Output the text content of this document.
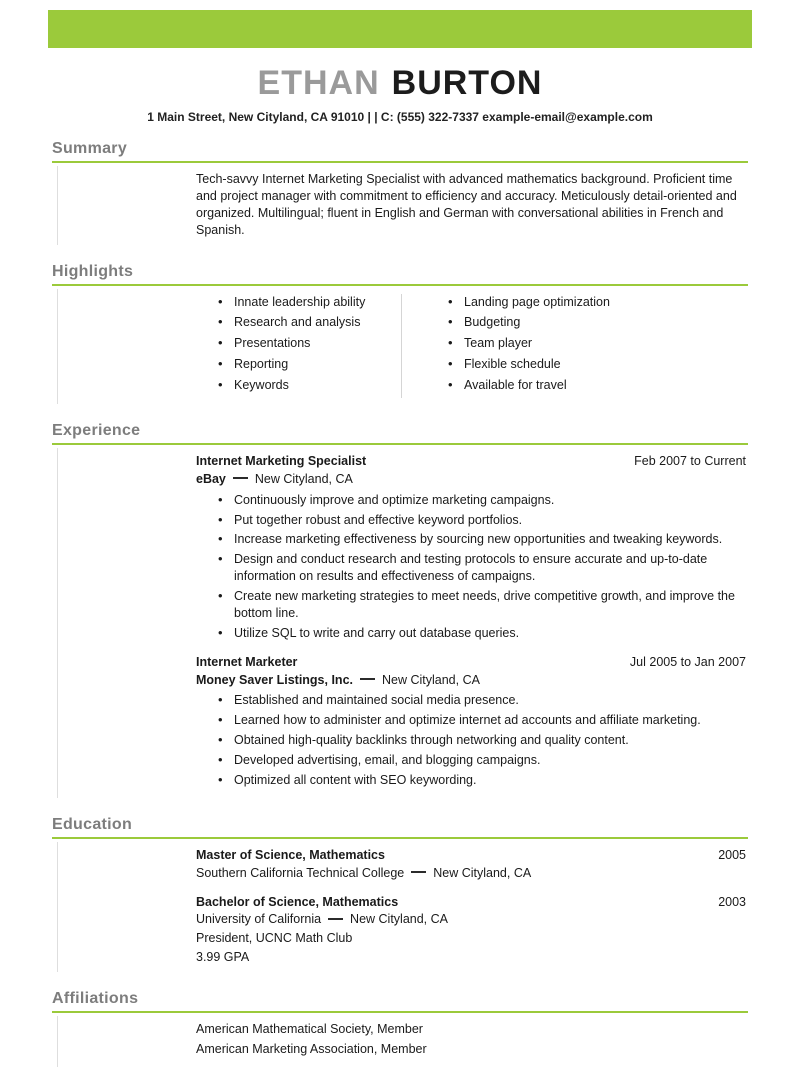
ETHAN BURTON
1 Main Street, New Cityland, CA 91010 | | C: (555) 322-7337 example-email@example.com
Summary

Tech-savvy Internet Marketing Specialist with advanced mathematics background. Proficient time and project manager with commitment to efficiency and accuracy. Meticulously detail-oriented and organized. Multilingual; fluent in English and German with conversational abilities in French and Spanish.

Highlights
• Innate leadership ability
• Research and analysis
• Presentations
• Reporting
• Keywords
• Landing page optimization
• Budgeting
• Team player
• Flexible schedule
• Available for travel
Experience
Internet Marketing Specialist	Feb 2007 to Current
eBay New Cityland, CA
• Continuously improve and optimize marketing campaigns.
• Put together robust and effective keyword portfolios.
• Increase marketing effectiveness by sourcing new opportunities and tweaking keywords.
• Design and conduct research and testing protocols to ensure accurate and up-to-date information on results and effectiveness of campaigns.
• Create new marketing strategies to meet needs, drive competitive growth, and improve the bottom line.
• Utilize SQL to write and carry out database queries.
Internet Marketer	Jul 2005 to Jan 2007
Money Saver Listings, Inc. New Cityland, CA
• Established and maintained social media presence.
• Learned how to administer and optimize internet ad accounts and affiliate marketing.
• Obtained high-quality backlinks through networking and quality content.
• Developed advertising, email, and blogging campaigns.
• Optimized all content with SEO keywording.
Education
Master of Science, Mathematics	2005
Southern California Technical College New Cityland, CA
Bachelor of Science, Mathematics	2003
University of California New Cityland, CA
President, UCNC Math Club
3.99 GPA
Affiliations
American Mathematical Society, Member
American Marketing Association, Member
